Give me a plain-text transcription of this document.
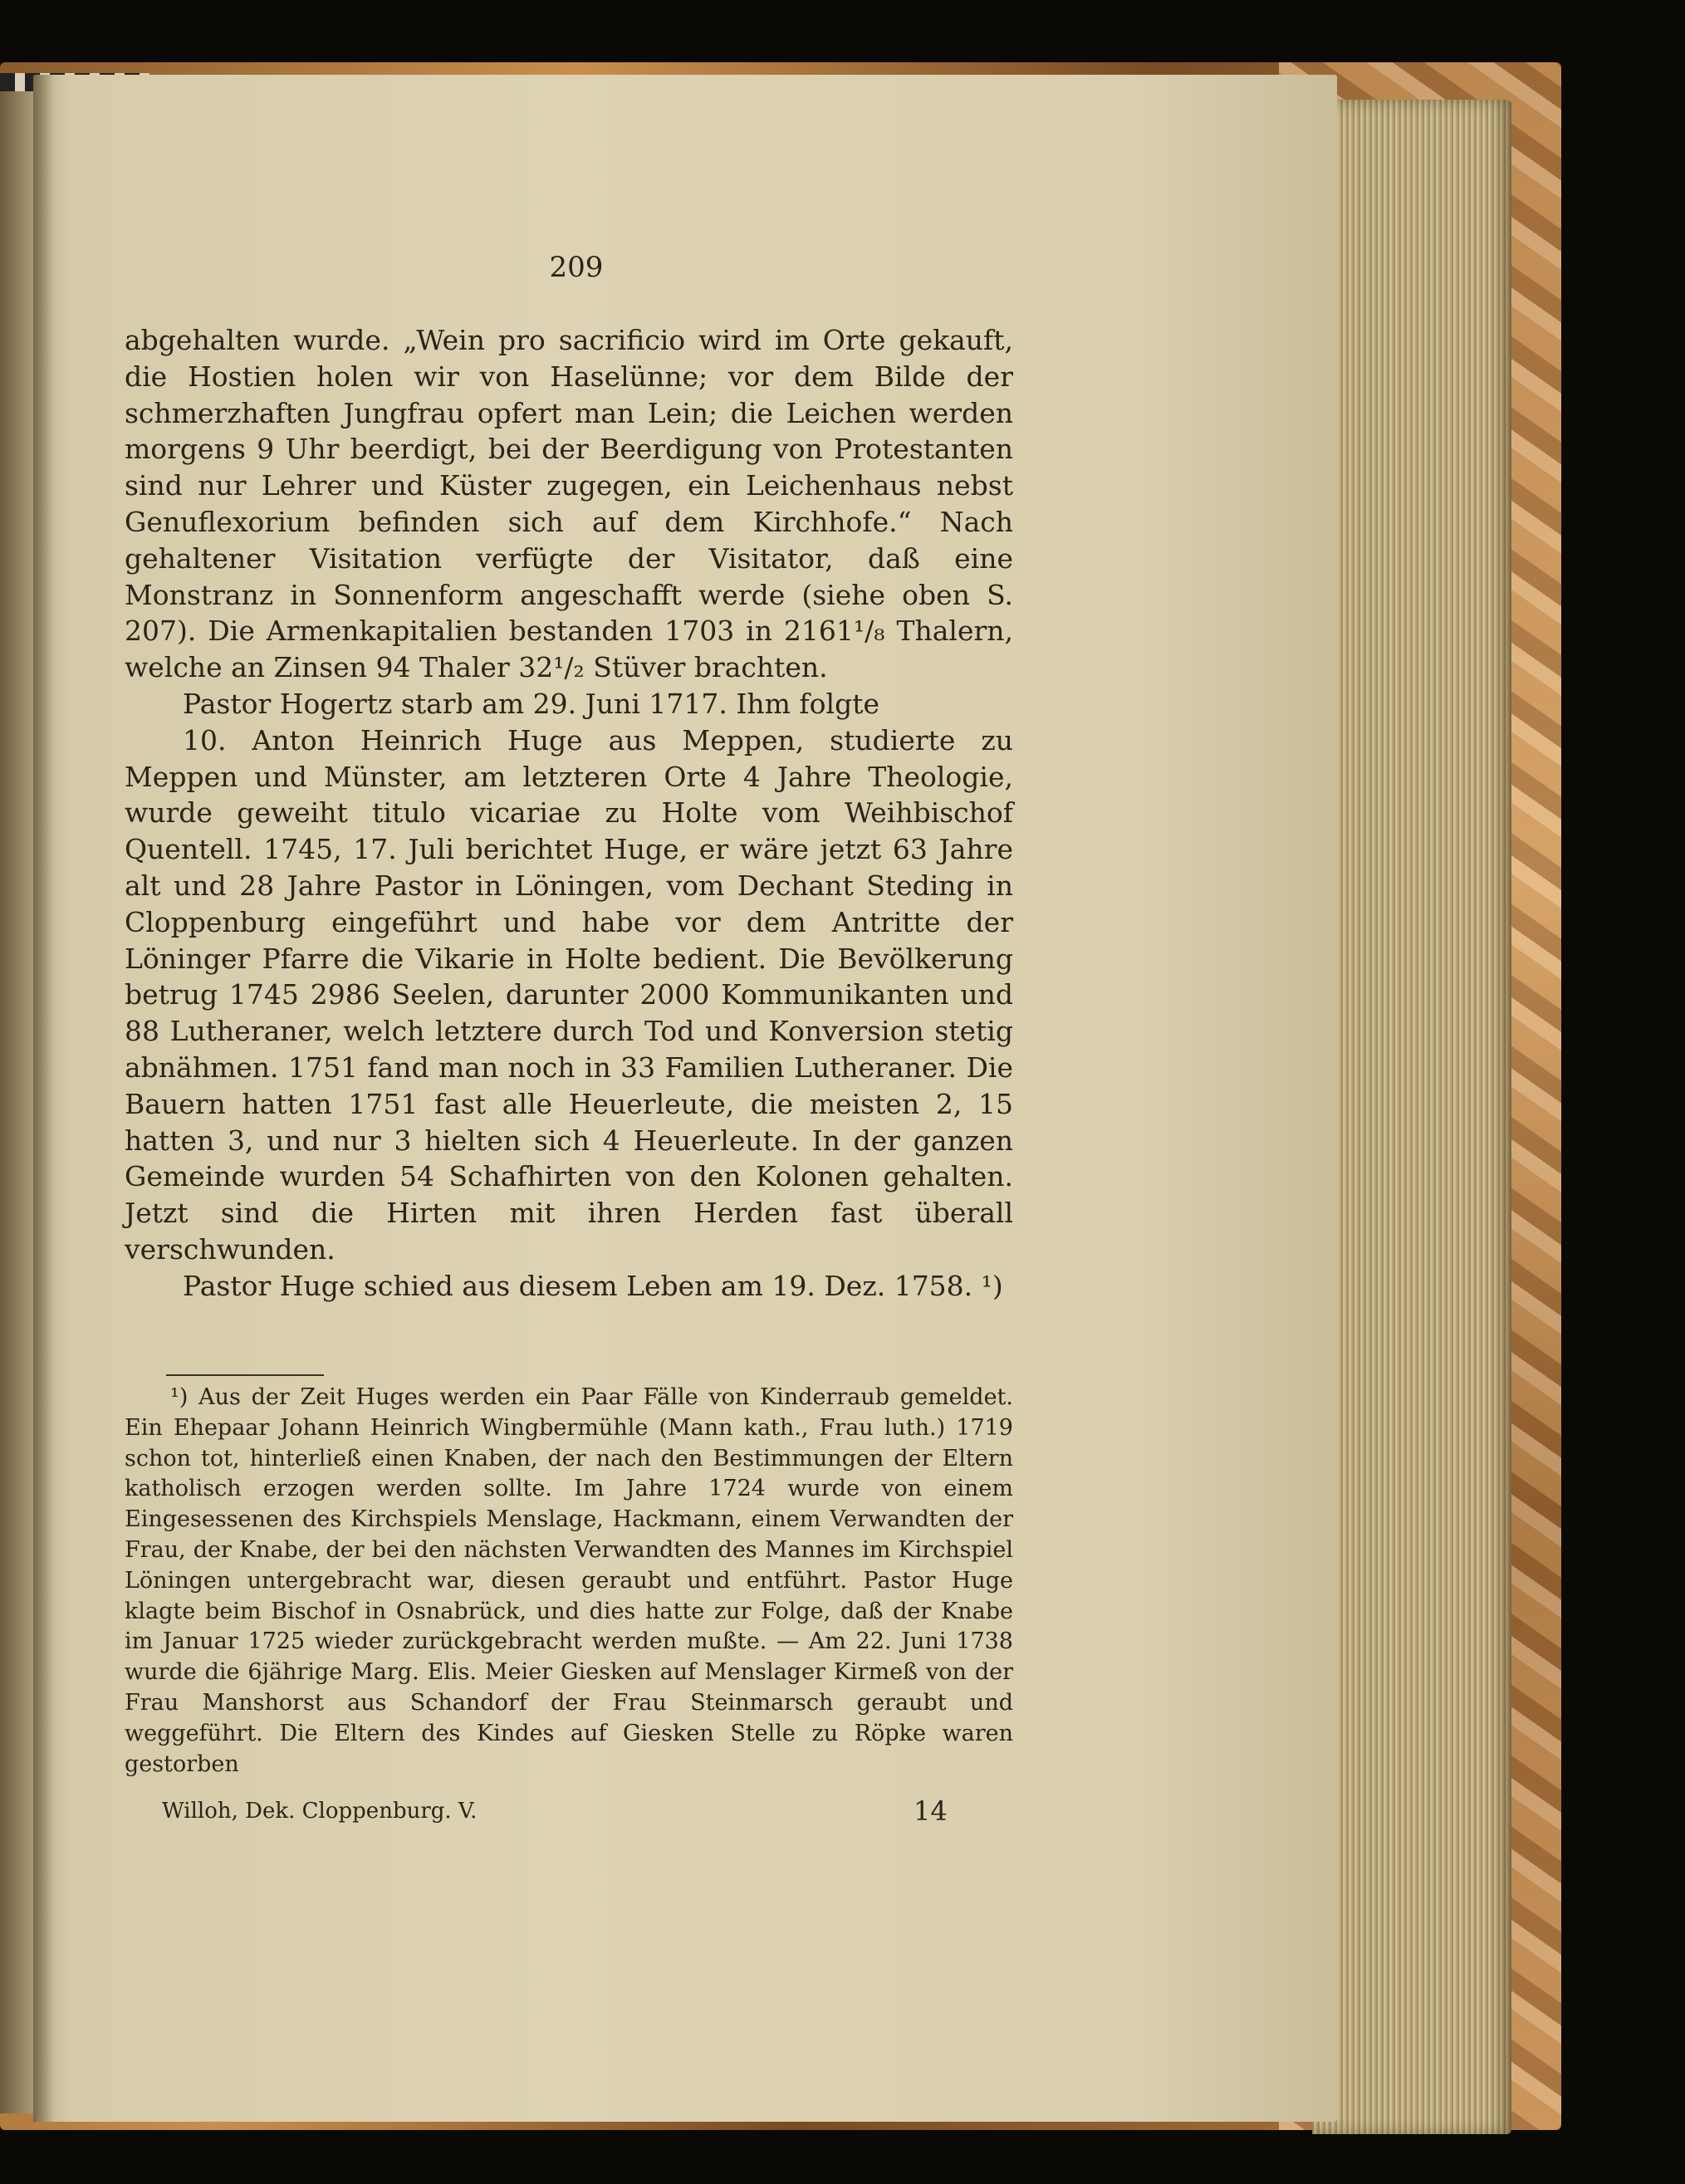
209

abgehalten wurde. „Wein pro sacrificio wird im Orte gekauft, die Hostien holen wir von Haselünne; vor dem Bilde der schmerzhaften Jungfrau opfert man Lein; die Leichen werden morgens 9 Uhr beerdigt, bei der Beerdigung von Protestanten sind nur Lehrer und Küster zugegen, ein Leichenhaus nebst Genuflexorium befinden sich auf dem Kirchhofe.“ Nach gehaltener Visitation verfügte der Visitator, daß eine Monstranz in Sonnenform angeschafft werde (siehe oben S. 207). Die Armenkapitalien bestanden 1703 in 2161¹/₈ Thalern, welche an Zinsen 94 Thaler 32¹/₂ Stüver brachten.

Pastor Hogertz starb am 29. Juni 1717. Ihm folgte

10. Anton Heinrich Huge aus Meppen, studierte zu Meppen und Münster, am letzteren Orte 4 Jahre Theologie, wurde geweiht titulo vicariae zu Holte vom Weihbischof Quentell. 1745, 17. Juli berichtet Huge, er wäre jetzt 63 Jahre alt und 28 Jahre Pastor in Löningen, vom Dechant Steding in Cloppenburg eingeführt und habe vor dem Antritte der Löninger Pfarre die Vikarie in Holte bedient. Die Bevölkerung betrug 1745 2986 Seelen, darunter 2000 Kommunikanten und 88 Lutheraner, welch letztere durch Tod und Konversion stetig abnähmen. 1751 fand man noch in 33 Familien Lutheraner. Die Bauern hatten 1751 fast alle Heuerleute, die meisten 2, 15 hatten 3, und nur 3 hielten sich 4 Heuerleute. In der ganzen Gemeinde wurden 54 Schafhirten von den Kolonen gehalten. Jetzt sind die Hirten mit ihren Herden fast überall verschwunden.

Pastor Huge schied aus diesem Leben am 19. Dez. 1758. ¹)

¹) Aus der Zeit Huges werden ein Paar Fälle von Kinderraub gemeldet. Ein Ehepaar Johann Heinrich Wingbermühle (Mann kath., Frau luth.) 1719 schon tot, hinterließ einen Knaben, der nach den Bestimmungen der Eltern katholisch erzogen werden sollte. Im Jahre 1724 wurde von einem Eingesessenen des Kirchspiels Menslage, Hackmann, einem Verwandten der Frau, der Knabe, der bei den nächsten Verwandten des Mannes im Kirchspiel Löningen untergebracht war, diesen geraubt und entführt. Pastor Huge klagte beim Bischof in Osnabrück, und dies hatte zur Folge, daß der Knabe im Januar 1725 wieder zurückgebracht werden mußte. — Am 22. Juni 1738 wurde die 6jährige Marg. Elis. Meier Giesken auf Menslager Kirmeß von der Frau Manshorst aus Schandorf der Frau Steinmarsch geraubt und weggeführt. Die Eltern des Kindes auf Giesken Stelle zu Röpke waren gestorben

Willoh, Dek. Cloppenburg. V.	14
